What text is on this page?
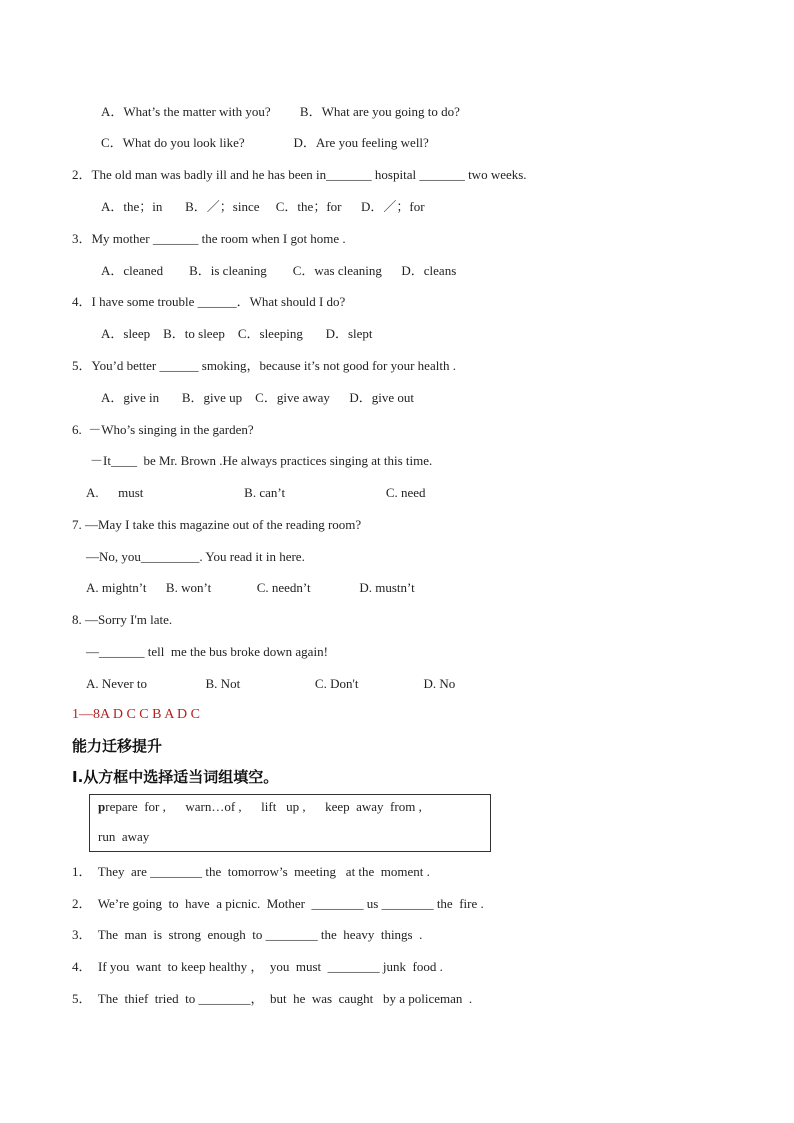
A．What’s the matter with you?         B．What are you going to do?
C．What do you look like?               D．Are you feeling well?
2．The old man was badly ill and he has been in_______ hospital _______ two weeks.
A．the；in       B．／；since     C．the；for      D．／；for
3．My mother _______ the room when I got home .
A．cleaned        B．is cleaning        C．was cleaning      D．cleans
4．I have some trouble ______．What should I do?
A．sleep    B．to sleep    C．sleeping       D．slept
5．You’d better ______ smoking，because it’s not good for your health .
A．give in       B．give up    C．give away      D．give out
6.  －Who’s singing in the garden?
－It____  be Mr. Brown .He always practices singing at this time.
A.      must                               B. can’t                               C. need
7. —May I take this magazine out of the reading room?
—No, you_________. You read it in here.
A. mightn’t      B. won’t              C. needn’t               D. mustn’t
8. —Sorry I'm late.
—_______ tell  me the bus broke down again!
A. Never to                  B. Not                       C. Don't                    D. No
1—8A D C C B A D C
能力迁移提升
I.从方框中选择适当词组填空。
prepare  for ,      warn…of ,      lift   up ,      keep  away  from ,
run  away
1．  They  are ________ the  tomorrow’s  meeting   at the  moment .
2．  We’re going  to  have  a picnic.  Mother  ________ us ________ the  fire .
3．  The  man  is  strong  enough  to ________ the  heavy  things  .
4．  If you  want  to keep healthy ，  you  must  ________ junk  food .
5．  The  thief  tried  to ________，  but  he  was  caught   by a policeman  .
